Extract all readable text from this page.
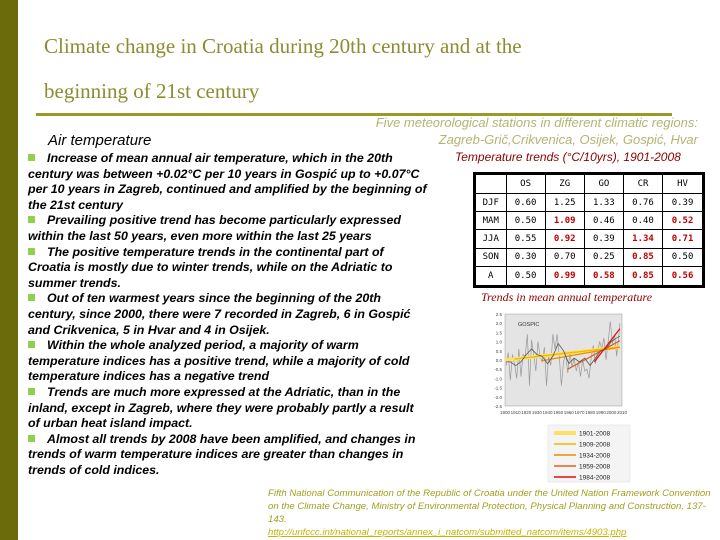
Climate change in Croatia during 20th century and at the
beginning of 21st century
Five meteorological stations in different climatic regions:
Zagreb-Grič,Crikvenica, Osijek, Gospić, Hvar
Air temperature

Increase of mean annual air temperature, which in the 20th century was between +0.02°C per 10 years in Gospić up to +0.07°C per 10 years in Zagreb, continued and amplified by the beginning of the 21st century

Prevailing positive trend has become particularly expressed within the last 50 years, even more within the last 25 years

The positive temperature trends in the continental part of Croatia is mostly due to winter trends, while on the Adriatic to summer trends.

Out of ten warmest years since the beginning of the 20th century, since 2000, there were 7 recorded in Zagreb, 6 in Gospić and Crikvenica, 5 in Hvar and 4 in Osijek.

Within the whole analyzed period, a majority of warm temperature indices has a positive trend, while a majority of cold temperature indices has a negative trend

Trends are much more expressed at the Adriatic, than in the inland, except in Zagreb, where they were probably partly a result of urban heat island impact.

Almost all trends by 2008 have been amplified, and changes in trends of warm temperature indices are greater than changes in trends of cold indices.

Temperature trends (°C/10yrs), 1901-2008
	OS	ZG	GO	CR	HV
DJF	0.60	1.25	1.33	0.76	0.39
MAM	0.50	1.09	0.46	0.40	0.52
JJA	0.55	0.92	0.39	1.34	0.71
SON	0.30	0.70	0.25	0.85	0.50
A	0.50	0.99	0.58	0.85	0.56
Trends in mean annual temperature
2.5
2.0
1.5
1.0
0.5
0.0
-0.5
-1.0
-1.5
-2.0
-2.5
1900 1910 1920 1930 1940 1950 1960 1970 1980 1990 2000 2010
GOSPIC
1901-2008
1909-2008
1934-2008
1959-2008
1984-2008
Fifth National Communication of the Republic of Croatia under the United Nation Framework Convention on the Climate Change, Ministry of Environmental Protection, Physical Planning and Construction, 137-143.
http://unfccc.int/national_reports/annex_i_natcom/submitted_natcom/items/4903.php
